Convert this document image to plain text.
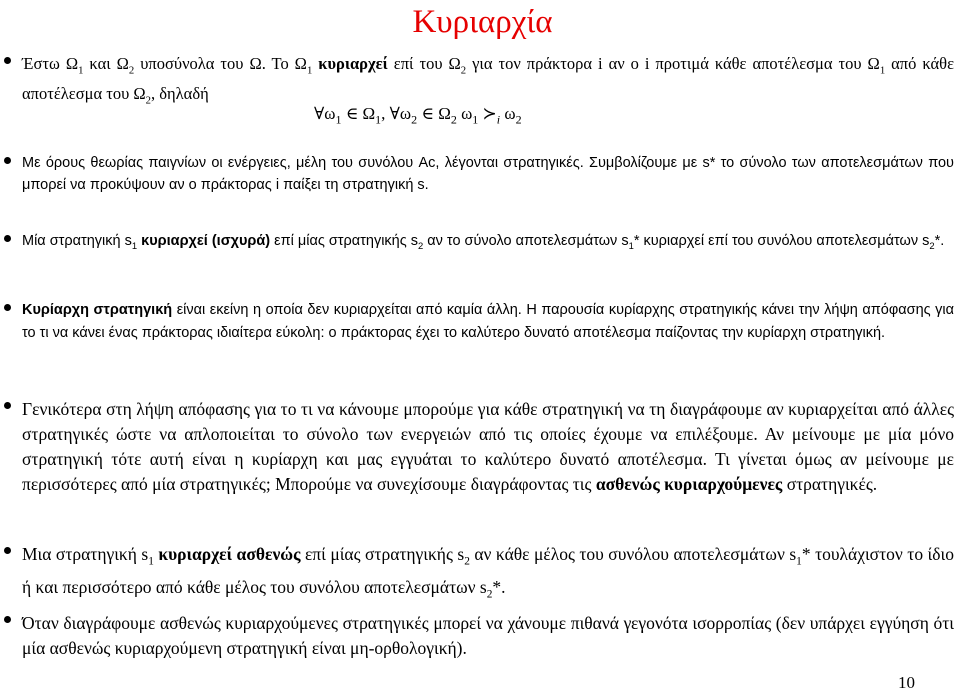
Κυριαρχία

Έστω $\Omega_1$ και $\Omega_2$ υποσύνολα του Ω. Το $\Omega_1$ κυριαρχεί επί του $\Omega_2$ για τον πράκτορα i αν ο i προτιμά κάθε αποτέλεσμα του $\Omega_1$ από κάθε αποτέλεσμα του $\Omega_2$, δηλαδή

$\forall\omega_1$ ∈ $\Omega_1$, $\forall\omega_2$ ∈ $\Omega_2$ $\omega_1$ $≻_i$ $\omega_2$

Με όρους θεωρίας παιγνίων οι ενέργειες, μέλη του συνόλου Ac, λέγονται στρατηγικές. Συμβολίζουμε με s* το σύνολο των αποτελεσμάτων που μπορεί να προκύψουν αν ο πράκτορας i παίξει τη στρατηγική s.

Μία στρατηγική $s_1$ κυριαρχεί (ισχυρά) επί μίας στρατηγικής $s_2$ αν το σύνολο αποτελεσμάτων $s_1*$ κυριαρχεί επί του συνόλου αποτελεσμάτων $s_2*$.

Κυρίαρχη στρατηγική είναι εκείνη η οποία δεν κυριαρχείται από καμία άλλη. Η παρουσία κυρίαρχης στρατηγικής κάνει την λήψη απόφασης για το τι να κάνει ένας πράκτορας ιδιαίτερα εύκολη: ο πράκτορας έχει το καλύτερο δυνατό αποτέλεσμα παίζοντας την κυρίαρχη στρατηγική.

Γενικότερα στη λήψη απόφασης για το τι να κάνουμε μπορούμε για κάθε στρατηγική να τη διαγράφουμε αν κυριαρχείται από άλλες στρατηγικές ώστε να απλοποιείται το σύνολο των ενεργειών από τις οποίες έχουμε να επιλέξουμε. Αν μείνουμε με μία μόνο στρατηγική τότε αυτή είναι η κυρίαρχη και μας εγγυάται το καλύτερο δυνατό αποτέλεσμα. Τι γίνεται όμως αν μείνουμε με περισσότερες από μία στρατηγικές; Μπορούμε να συνεχίσουμε διαγράφοντας τις ασθενώς κυριαρχούμενες στρατηγικές.

Μια στρατηγική $s_1$ κυριαρχεί ασθενώς επί μίας στρατηγικής $s_2$ αν κάθε μέλος του συνόλου αποτελεσμάτων $s_1*$ τουλάχιστον το ίδιο ή και περισσότερο από κάθε μέλος του συνόλου αποτελεσμάτων $s_2*$.

Όταν διαγράφουμε ασθενώς κυριαρχούμενες στρατηγικές μπορεί να χάνουμε πιθανά γεγονότα ισορροπίας (δεν υπάρχει εγγύηση ότι μία ασθενώς κυριαρχούμενη στρατηγική είναι μη-ορθολογική).

10
